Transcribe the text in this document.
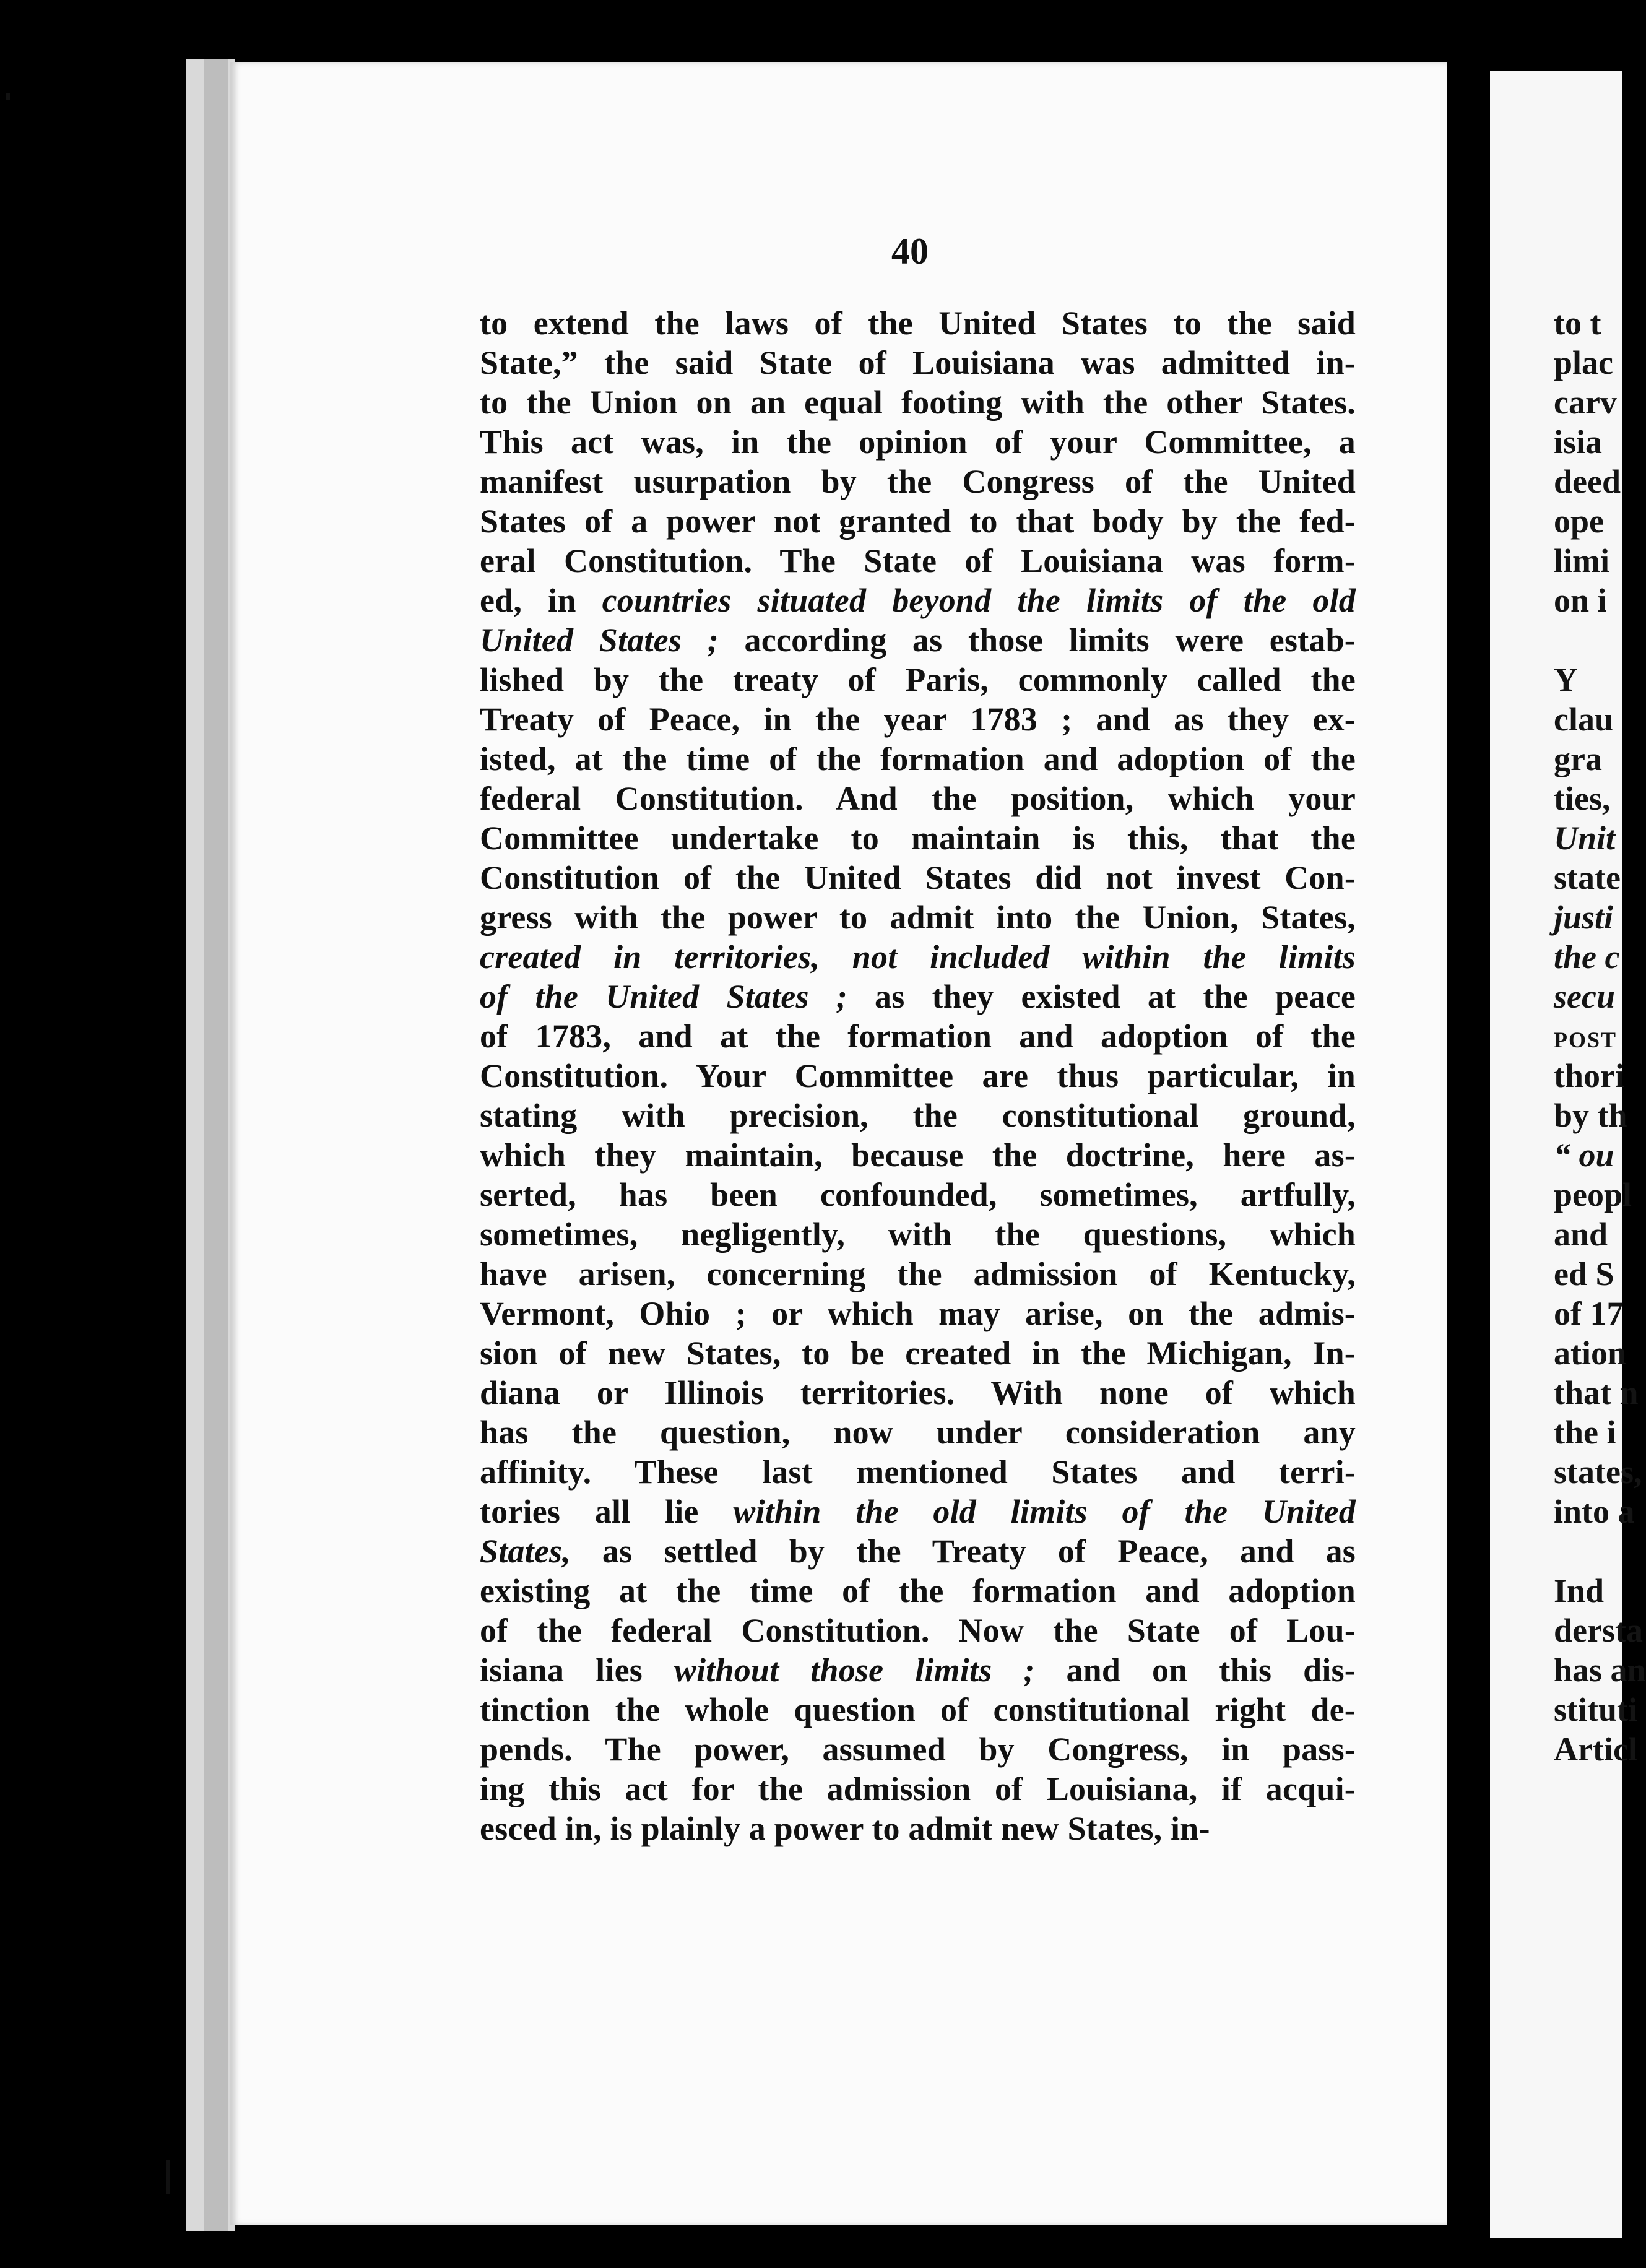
40
to extend the laws of the United States to the said
State,” the said State of Louisiana was admitted in-
to the Union on an equal footing with the other States.
This act was, in the opinion of your Committee, a
manifest usurpation by the Congress of the United
States of a power not granted to that body by the fed-
eral Constitution. The State of Louisiana was form-
ed, in countries situated beyond the limits of the old
United States ; according as those limits were estab-
lished by the treaty of Paris, commonly called the
Treaty of Peace, in the year 1783 ; and as they ex-
isted, at the time of the formation and adoption of the
federal Constitution. And the position, which your
Committee undertake to maintain is this, that the
Constitution of the United States did not invest Con-
gress with the power to admit into the Union, States,
created in territories, not included within the limits
of the United States ; as they existed at the peace
of 1783, and at the formation and adoption of the
Constitution. Your Committee are thus particular, in
stating with precision, the constitutional ground,
which they maintain, because the doctrine, here as-
serted, has been confounded, sometimes, artfully,
sometimes, negligently, with the questions, which
have arisen, concerning the admission of Kentucky,
Vermont, Ohio ; or which may arise, on the admis-
sion of new States, to be created in the Michigan, In-
diana or Illinois territories. With none of which
has the question, now under consideration any
affinity. These last mentioned States and terri-
tories all lie within the old limits of the United
States, as settled by the Treaty of Peace, and as
existing at the time of the formation and adoption
of the federal Constitution. Now the State of Lou-
isiana lies without those limits ; and on this dis-
tinction the whole question of constitutional right de-
pends. The power, assumed by Congress, in pass-
ing this act for the admission of Louisiana, if acqui-
esced in, is plainly a power to admit new States, in-
to t
plac
carv
isia
deed
ope
limi
on i

Y
clau
gra
ties,
Unit
state
justi
the c
secu
POST
thori
by th
“ ou
peopl
and
ed S
of 17
ation
that n
the i
states,
into a

Ind
dersta
has an
stituti
Articl
